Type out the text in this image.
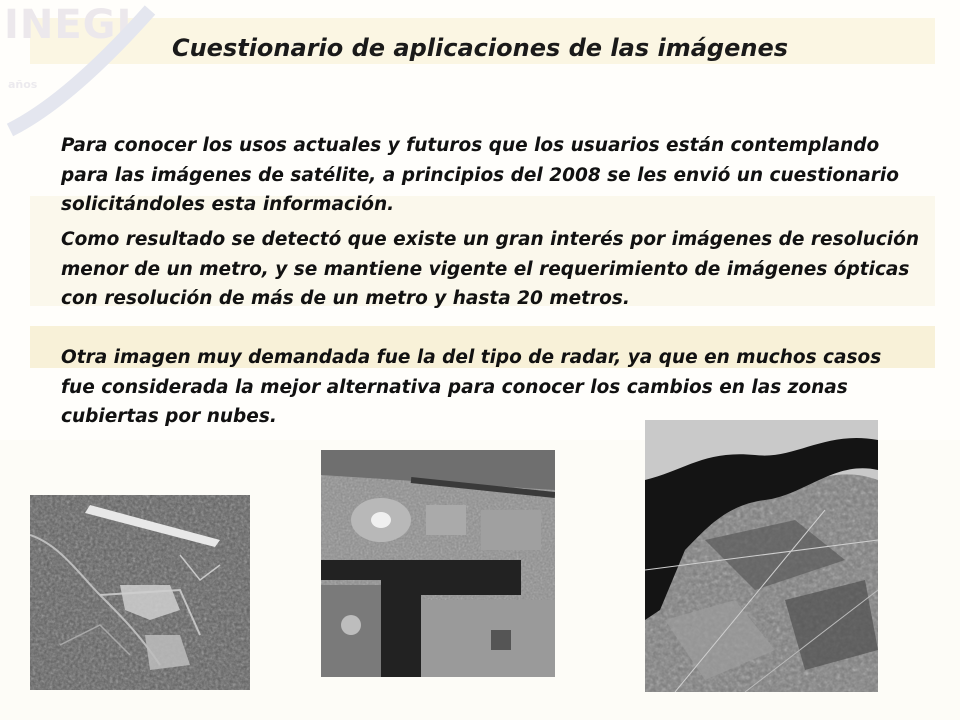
INEGI
años
Cuestionario de aplicaciones de las imágenes

Para conocer los usos actuales y futuros que los usuarios están contemplando para las imágenes de satélite, a principios del 2008 se les envió un cuestionario solicitándoles esta información.

Como resultado se detectó que existe un gran interés por imágenes de resolución menor de un metro, y se mantiene vigente el requerimiento de imágenes ópticas con resolución de más de un metro y hasta 20 metros.

Otra imagen muy demandada fue la del tipo de radar, ya que en muchos casos fue considerada la mejor alternativa para conocer los cambios en las zonas cubiertas por nubes.
